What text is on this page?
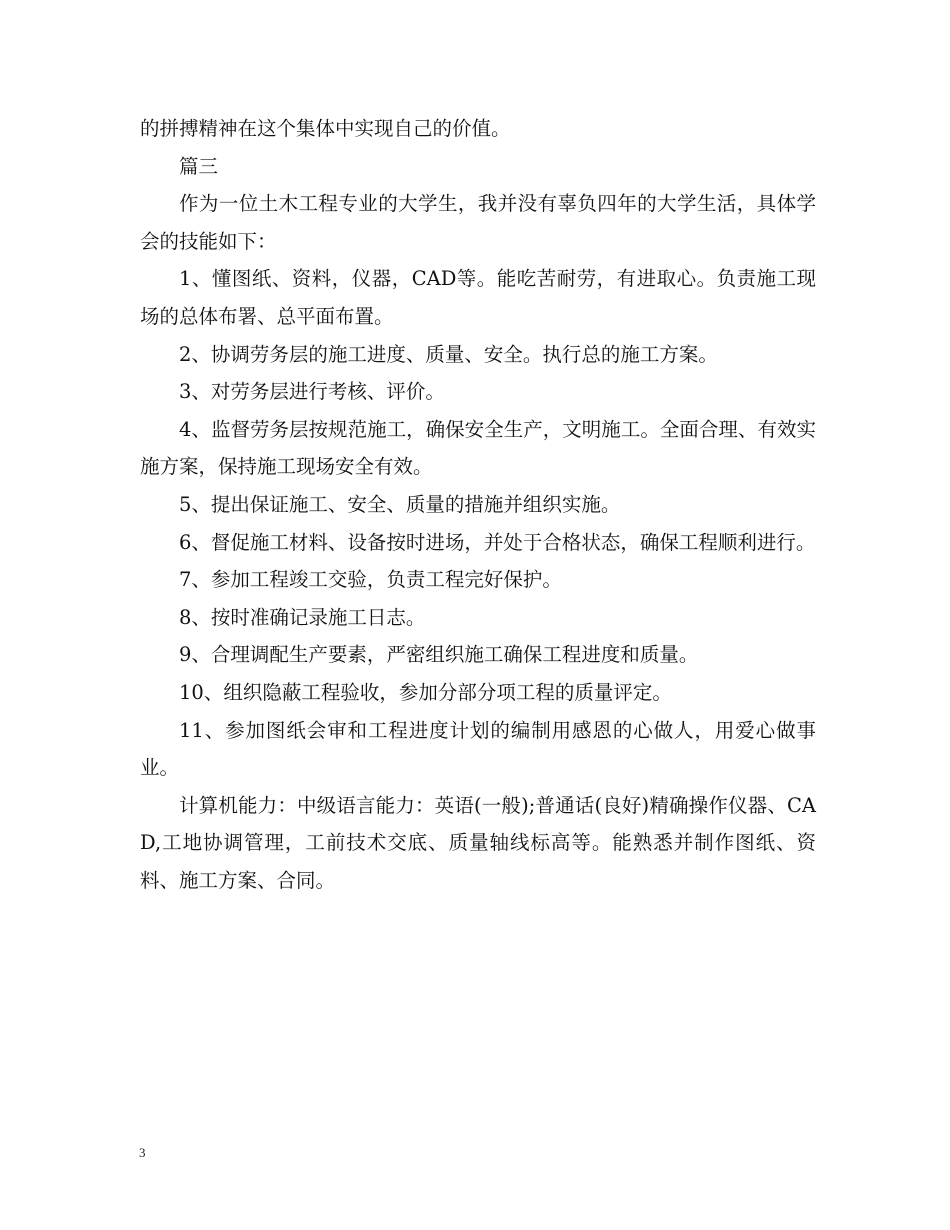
的拼搏精神在这个集体中实现自己的价值。

篇三

作为一位土木工程专业的大学生，我并没有辜负四年的大学生活，具体学会的技能如下：

1、懂图纸、资料，仪器，CAD等。能吃苦耐劳，有进取心。负责施工现场的总体布署、总平面布置。

2、协调劳务层的施工进度、质量、安全。执行总的施工方案。

3、对劳务层进行考核、评价。

4、监督劳务层按规范施工，确保安全生产，文明施工。全面合理、有效实施方案，保持施工现场安全有效。

5、提出保证施工、安全、质量的措施并组织实施。

6、督促施工材料、设备按时进场，并处于合格状态，确保工程顺利进行。

7、参加工程竣工交验，负责工程完好保护。

8、按时准确记录施工日志。

9、合理调配生产要素，严密组织施工确保工程进度和质量。

10、组织隐蔽工程验收，参加分部分项工程的质量评定。

11、参加图纸会审和工程进度计划的编制用感恩的心做人，用爱心做事业。

计算机能力：中级语言能力：英语(一般);普通话(良好)精确操作仪器、CAD,工地协调管理，工前技术交底、质量轴线标高等。能熟悉并制作图纸、资料、施工方案、合同。

3
